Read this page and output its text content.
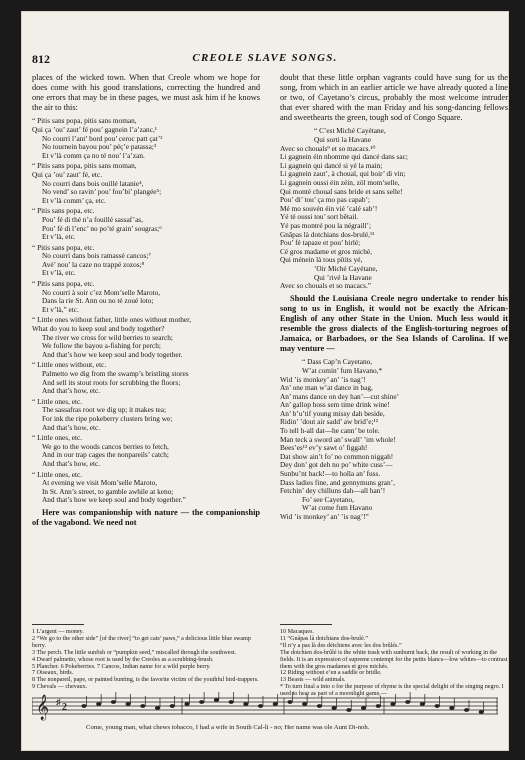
812	CREOLE SLAVE SONGS.
places of the wicked town. When that Creole whom we hope for does come with his good translations, correcting the hundred and one errors that may be in these pages, we must ask him if he knows the air to this:
“ Pitis sans popa, pitis sans moman,
Qui ça ’ou’ zaut’ fé pou’ gagnein l’a’zanc,¹
No courri l’ant’ bord pou’ ceroc patt çat’²
No tournein bayou pou’ péç’e patassa;³
Et v’là comm ça no té nou’ l’a’zan.
“ Pitis sans popa, pitis sans moman,
Qui ça ’ou’ zaut’ fé, etc.
No courri dans bois ouillé latanie⁴,
No vend’ so ravin’ pou’ fou’bi’ plangée⁵;
Et v’là comm’ ça, etc.
“ Pitis sans popa, etc.
Pou’ fé di thé n’a fouillé sassaf’as,
Pou’ fé di l’enc’ no po’té grain’ sougras;⁶
Et v’là, etc.
“ Pitis sans popa, etc.
No courri dans bois ramassé cancos;⁷
Avé’ nou’ la caze no trappé zozos;⁸
Et v’là, etc.
“ Pitis sans popa, etc.
No courri à soir c’ez Mom’selle Maroto,
Dans la rie St. Ann ou no té zoué loto;
Et v’là,” etc.
“ Little ones without father, little ones without mother,
What do you to keep soul and body together?
The river we cross for wild berries to search;
We follow the bayou a-fishing for perch;
And that’s how we keep soul and body together.
“ Little ones without, etc.
Palmetto we dig from the swamp’s bristling stores
And sell its stout roots for scrubbing the floors;
And that’s how, etc.
“ Little ones, etc.
The sassafras root we dig up; it makes tea;
For ink the ripe pokeberry clusters bring we;
And that’s how, etc.
“ Little ones, etc.
We go to the woods cancos berries to fetch,
And in our trap cages the nonpareils’ catch;
And that’s how, etc.
“ Little ones, etc.
At evening we visit Mom’selle Maroto,
In St. Ann’s street, to gamble awhile at keno;
And that’s how we keep soul and body together.”
Here was companionship with nature — the companionship of the vagabond. We need not
doubt that these little orphan vagrants could have sung for us the song, from which in an earlier article we have already quoted a line or two, of Cayetano’s circus, probably the most welcome intruder that ever shared with the man Friday and his song-dancing fellows and sweethearts the green, tough sod of Congo Square.
“ C’est Miché Cayétane,
Qui sorti la Havane
Avec so chouals⁹ et so macacs.¹⁰
Li gagnein éin nhomme qui dancé dans sac;
Li gagnein qui dancé si yé la main;
Li gagnein zaut’, à choual, qui boir’ di vin;
Li gagnein oussi éin zéin, zöl mom’selle,
Qui monté choual sans bride et sans selle!
Pou’ di’ tou’ ça mo pas capab’;
Mé mo souvén éin vié ’calé sab’!
Yé té oussi tou’ sort bêtail.
Yé pas montré pou la négraill’;
Gnâpas là dotchians dos-brulé,¹¹
Pou’ fé tapaze et pou’ birlé;
Cé gros madame et gros miché,
Qui ménein là tous pïtits yé,
’Oir Miché Cayétane,
Qui ’rivé la Havane
Avec so chouals et so macacs.”
Should the Louisiana Creole negro undertake to render his song to us in English, it would not be exactly the African-English of any other State in the Union. Much less would it resemble the gross dialects of the English-torturing negroes of Jamaica, or Barbadoes, or the Sea Islands of Carolina. If we may venture —
“ Dass Cap’n Cayetano,
W’at comin’ fum Havano,*
Wid ’is monkey’ an’ ’is nag’!
An’ one man w’at dance in bag,
An’ mans dance on dey han’—cut shine’
An’ gallop hoss sem time drink wine!
An’ b’u’tif young missy dah beside,
Ridin’ ’dout air sadd’ aw brid’e;¹²
To tell h-all dat—he cann’ be tole.
Man teck a sword an’ swall’ ’im whole!
Bees’es¹³ ev’y sawt o’ figgah!
Dat show ain’t fo’ no common niggah!
Dey don’ got deh no po’ white cuss’—
Sunbu’nt back!—to holla an’ fuss.
Dass ladies fine, and gennymuns gran’,
Fetchin’ dey chilluns dah—all han’!
Fo’ see Cayetano,
W’at come fum Havano
Wid ’is monkey’ an’ ’is nag’!”
1 L’argent — money.
2 “We go to the other side” [of the river] “to get cats’ paws,” a delicious little blue swamp berry.
3 The perch. The little sunfish or “pumpkin seed,” miscalled through the southwest.
4 Dwarf palmetto, whose root is used by the Creoles as a scrubbing-brush.
5 Plancher. 6 Pokeberries. 7 Cancos, Indian name for a wild purple berry.
7 Oiseaux, birds.
8 The nonpareil, pape, or painted bunting, is the favorite victim of the youthful bird-trappers.
9 Chevals — chevaux.
10 Macaques.
11 “Gnâpas là dotchians dos-brulé.”
“Il n’y a pas là des détchiens avec les dos brûlés.”
The dotchien dos-brûlé is the white trash with sunburnt back, the result of working in the fields. It is an expression of supreme contempt for the petits blancs—low whites—to contrast them with the gros madames et gros michés.
12 Riding without e’en a saddle or bridle.
13 Beasts — wild animals.
* To turn final a into o for the purpose of rhyme is the special delight of the singing negro. I used to hear as part of a moonlight game,—
𝄞 ♯ 2
Come, young man, what chews tobacco, I had a wife in South Cal-li - no; Her name was ole Aunt Di-noh.
